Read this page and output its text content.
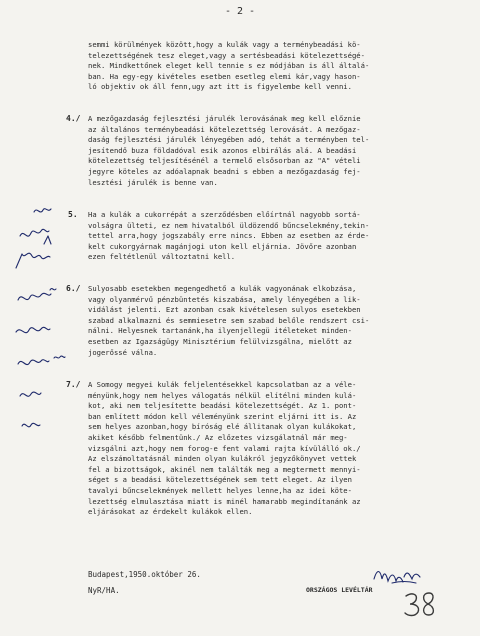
- 2 -
semmi körülmények között,hogy a kulák vagy a terménybeadási kö-
telezettségének tesz eleget,vagy a sertésbeadási kötelezettségé-
nek. Mindkettőnek eleget kell tennie s ez módjában is áll általá-
ban. Ha egy-egy kivételes esetben esetleg elemi kár,vagy hason-
ló objektiv ok áll fenn,ugy azt itt is figyelembe kell venni.
4./ A mezőgazdaság fejlesztési járulék lerovásának meg kell előznie
az általános terménybeadási kötelezettség lerovását. A mezőgaz-
daság fejlesztési járulék lényegében adó, tehát a terményben tel-
jesítendő buza földadóval esik azonos elbirálás alá. A beadási
kötelezettség teljesítésénél a termelő elsősorban az "A" vételi
jegyre köteles az adóalapnak beadni s ebben a mezőgazdaság fej-
lesztési járulék is benne van.
5. Ha a kulák a cukorrépát a szerződésben előírtnál nagyobb sortá-
volságra ülteti, ez nem hivatalból üldözendő bűncselekmény,tekin-
tettel arra,hogy jogszabály erre nincs. Ebben az esetben az érde-
kelt cukorgyárnak magánjogi uton kell eljárnia. Jövőre azonban
ezen feltétlenül változtatni kell.
6./ Sulyosabb esetekben megengedhető a kulák vagyonának elkobzása,
vagy olyanmérvű pénzbüntetés kiszabása, amely lényegében a lik-
vidálást jelenti. Ezt azonban csak kivételesen sulyos esetekben
szabad alkalmazni és semmiesetre sem szabad belőle rendszert csi-
nálni. Helyesnek tartanánk,ha ilyenjellegü itéleteket minden-
esetben az Igazságügy Minisztérium felülvizsgálna, mielőtt az
jogerőssé válna.
7./ A Somogy megyei kulák feljelentésekkel kapcsolatban az a véle-
ményünk,hogy nem helyes válogatás nélkül elítélni minden kulá-
kot, aki nem teljesítette beadási kötelezettségét. Az 1. pont-
ban említett módon kell véleményünk szerint eljárni itt is. Az
sem helyes azonban,hogy bíróság elé állitanak olyan kulákokat,
akiket később felmentünk./ Az előzetes vizsgálatnál már meg-
vizsgálni azt,hogy nem forog-e fent valami rajta kívülálló ok./
Az elszámoltatásnál minden olyan kulákról jegyzőkönyvet vettek
fel a bizottságok, akinél nem találták meg a megtermett mennyi-
séget s a beadási kötelezettségének sem tett eleget. Az ilyen
tavalyi bűncselekmények mellett helyes lenne,ha az idei köte-
lezettség elmulasztása miatt is minél hamarabb megindítanánk az
eljárásokat az érdekelt kulákok ellen.
Budapest,1950.október 26.
NyR/HA.	ORSZÁGOS LEVÉLTÁR
